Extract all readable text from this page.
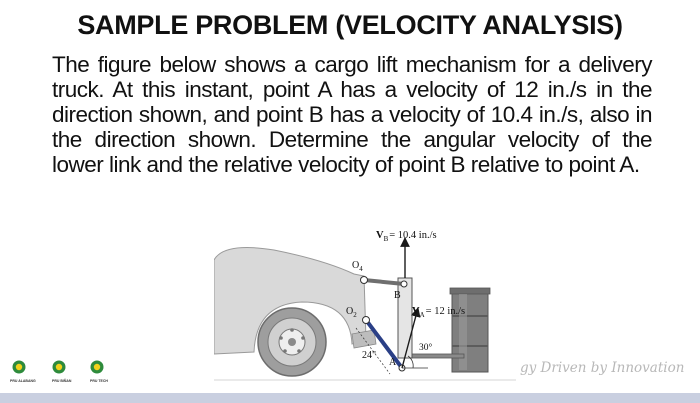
SAMPLE PROBLEM (VELOCITY ANALYSIS)
The figure below shows a cargo lift mechanism for a delivery
truck. At this instant, point A has a velocity of 12 in./s in the
direction shown, and point B has a velocity of 10.4 in./s, also in
the direction shown. Determine the angular velocity of the
lower link and the relative velocity of point B relative to point A.
$V_B= 10.4$ in./s
$V_A= 12$ in./s
$O_4$
$O_2$
B
A
24"
30°
PRU ALABANG	PRU BIÑAN	PRU TECH
gy Driven by Innovation
